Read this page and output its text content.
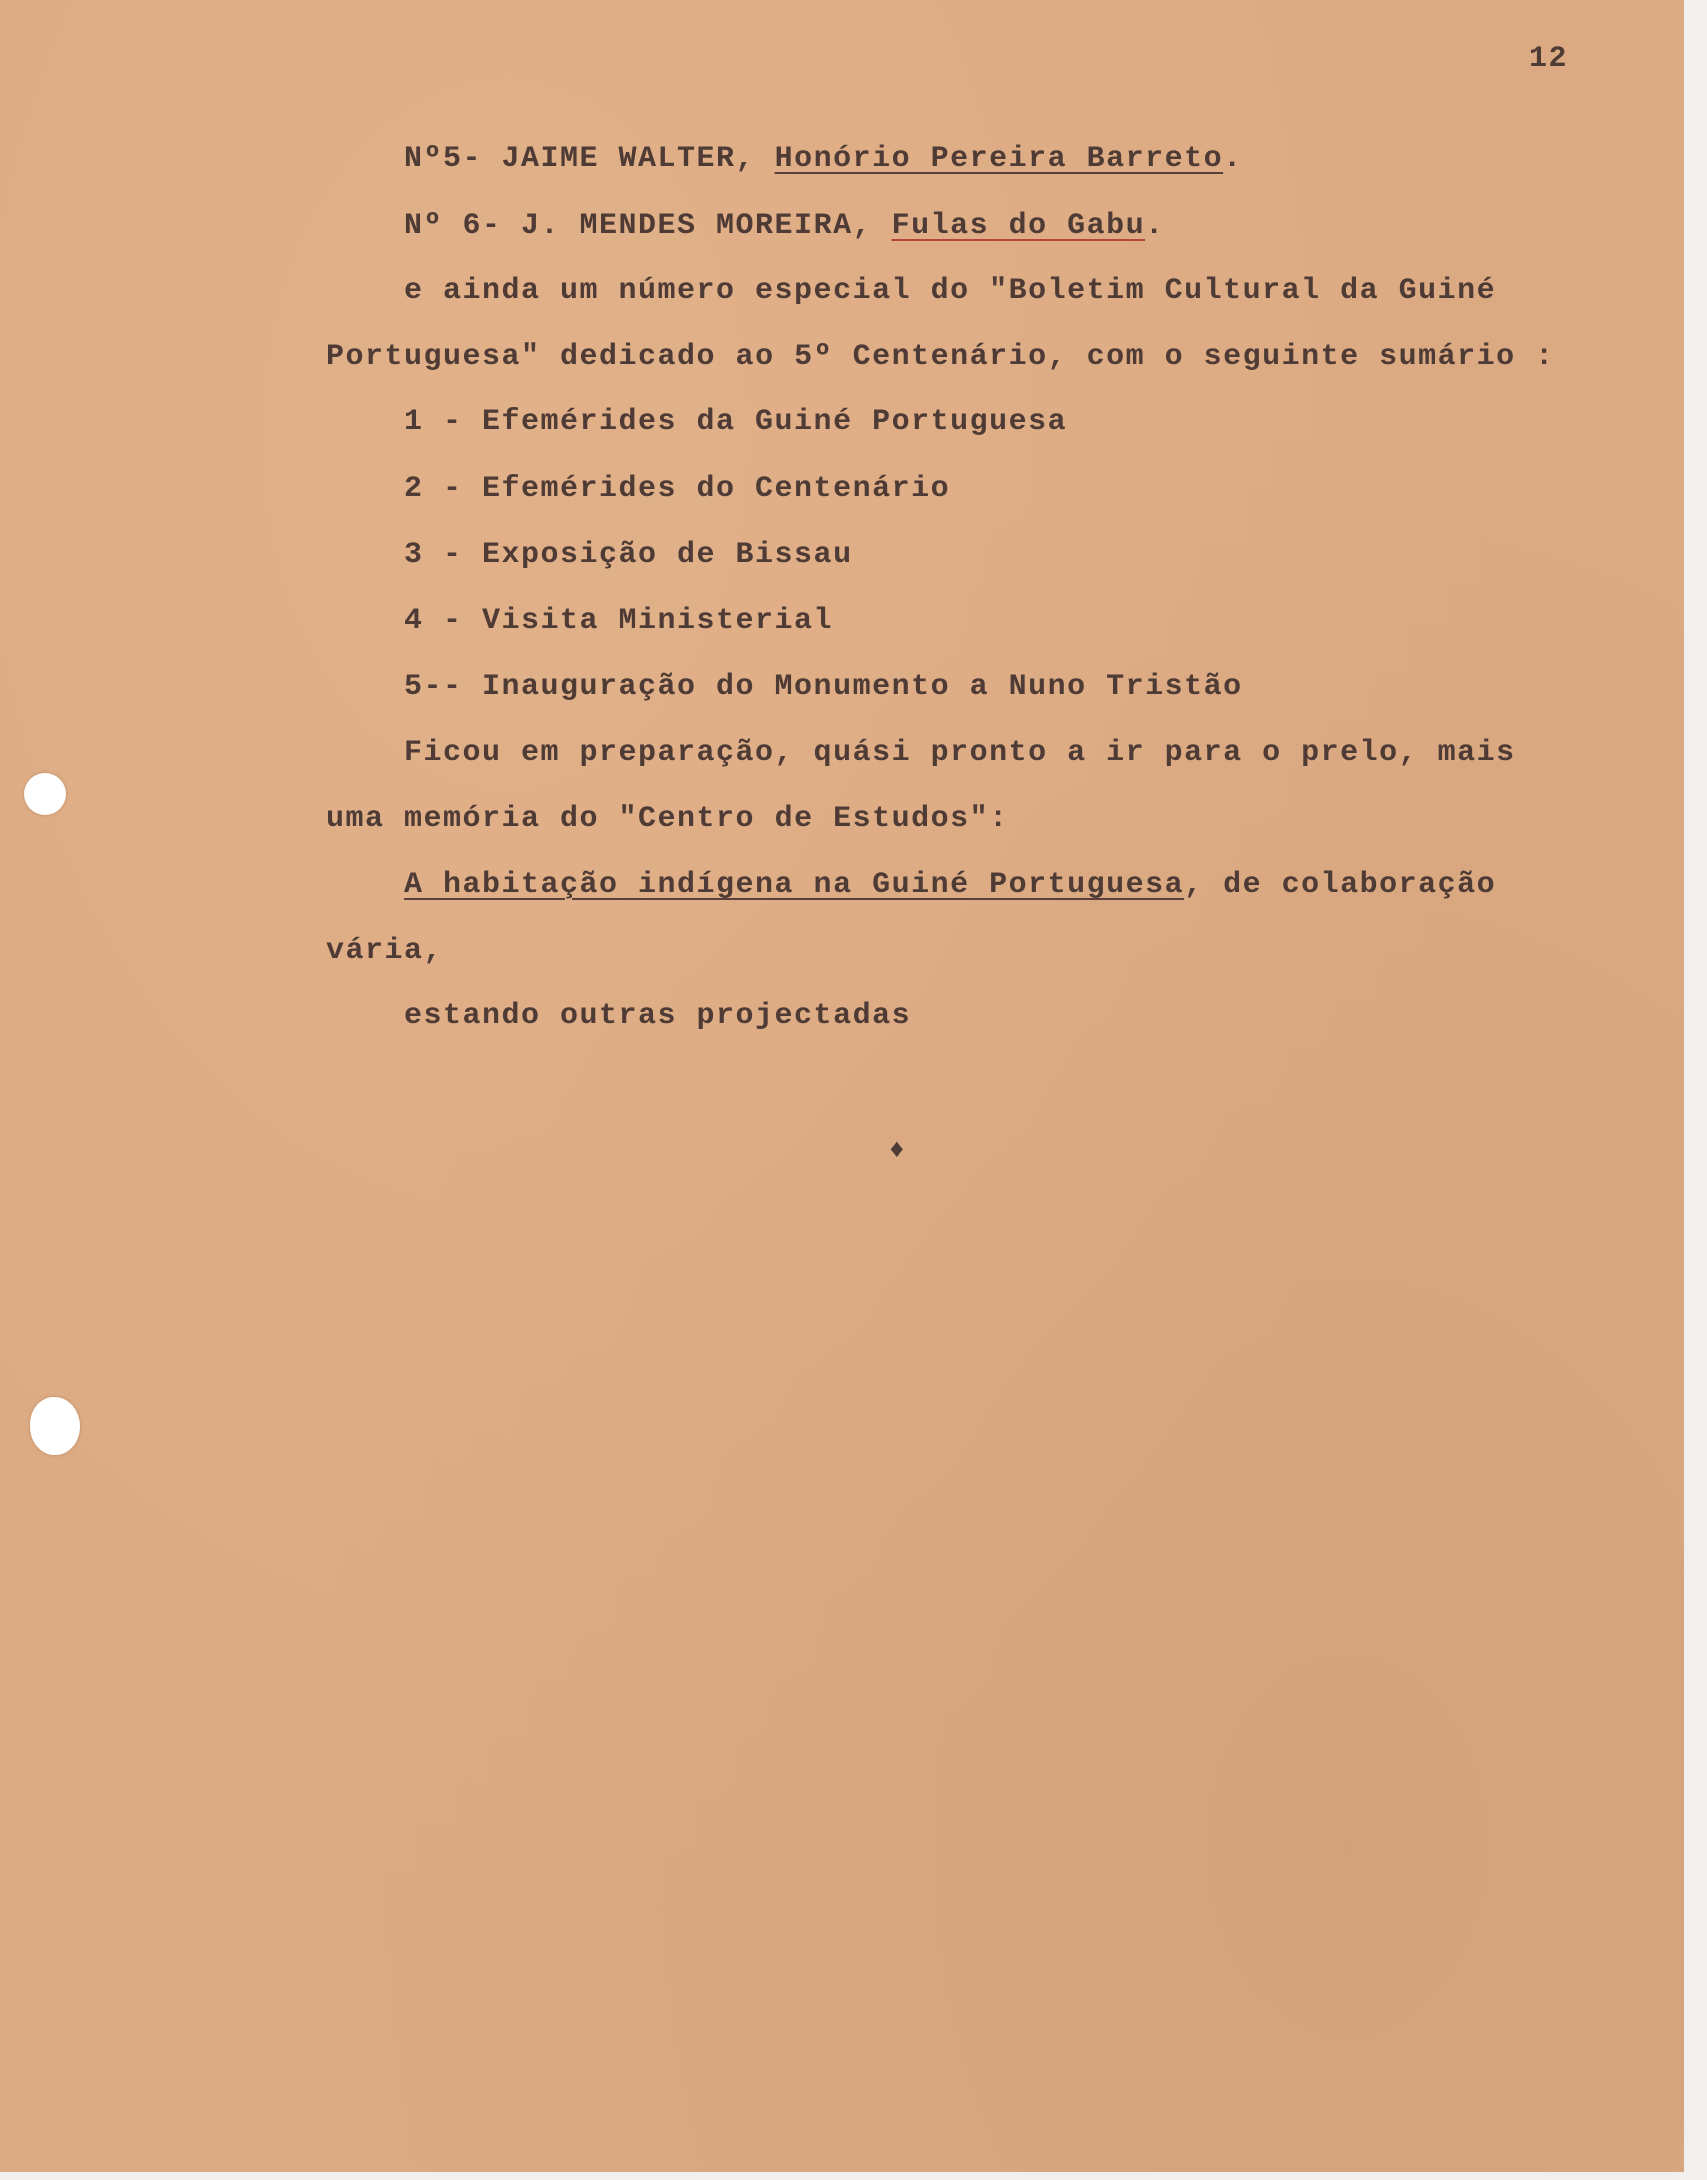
12
Nº5‐ JAIME WALTER, Honório Pereira Barreto.
Nº 6- J. MENDES MOREIRA, Fulas do Gabu.
e ainda um número especial do "Boletim Cultural da Guiné
Portuguesa" dedicado ao 5º Centenário, com o seguinte sumário :
1 - Efemérides da Guiné Portuguesa
2 - Efemérides do Centenário
3 - Exposição de Bissau
4 - Visita Ministerial
5-- Inauguração do Monumento a Nuno Tristão
Ficou em preparação, quási pronto a ir para o prelo, mais
uma memória do "Centro de Estudos":
A habitação indígena na Guiné Portuguesa, de colaboração
vária,
estando outras projectadas
♦
